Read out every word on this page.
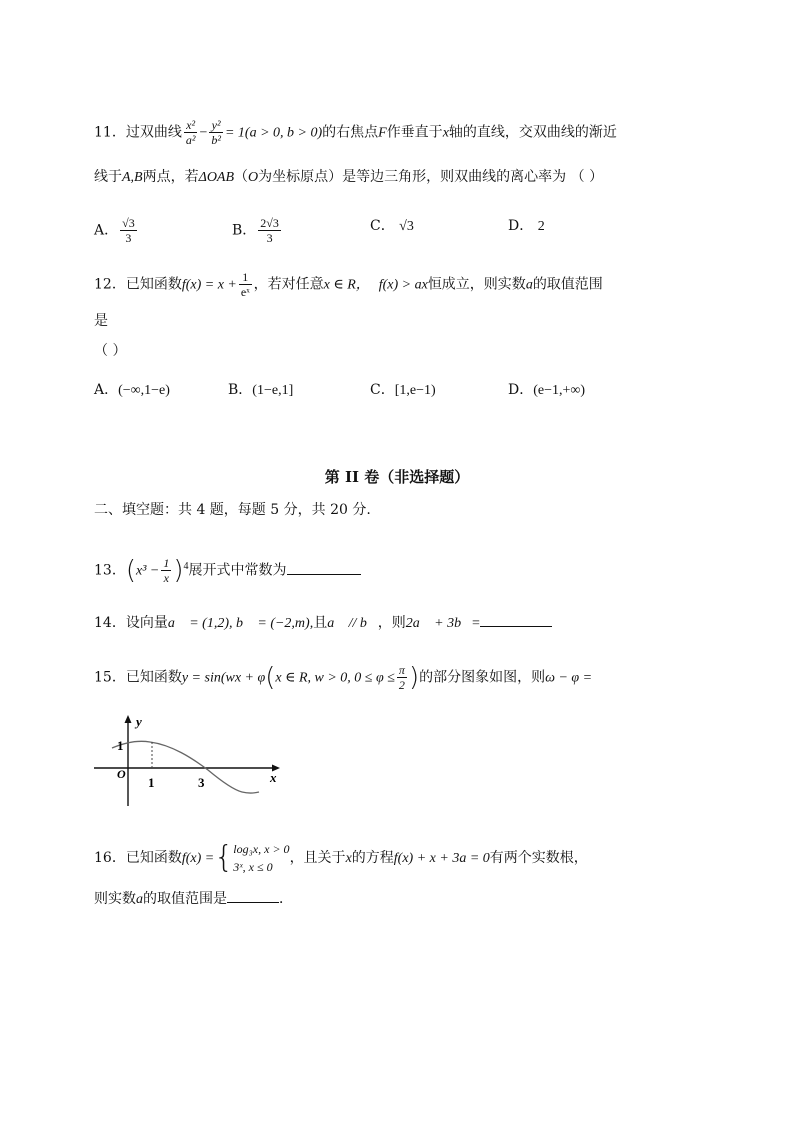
11．过双曲线 $\frac{\text{x²}}{\text{a²}} - \frac{\text{y²}}{\text{b²}} = 1(a > 0$, b > 0)的右焦点F作垂直于x轴的直线，交双曲线的渐近
线于A,B两点，若ΔOAB（O为坐标原点）是等边三角形，则双曲线的离心率为 （ ）
A． $\frac{√3}{3}$	B． $\frac{2√3}{3}$	C． √3	D． 2
12．已知函数$f(x) = x + \frac{1}{\text{eˣ}}$ ，若对任意x ∈ R， f(x) > ax恒成立，则实数a的取值范围
是
（ ）
A．(−∞,1−e)	B．(1−e,1]	C．[1,e−1)	D．(e−1,+∞)
第 II 卷（非选择题）
二、填空题：共 4 题，每题 5 分，共 20 分.
13．$(x^3 - \frac{1}{x} )^4$展开式中常数为
14．设向量a⃗ = (1,2), b⃗ = (−2,m),且a⃗ // b⃗，则2a⃗ + 3b⃗=
15．已知函数y = sin(wx + φ(x ∈ R, w > 0, $0 \le \varphi \le \frac{\pi}{2}$ )的部分图象如图，则ω − φ =
y
1
O
1	3	x
16．已知函数f(x) ={ log₃x, x > 0
3ˣ, x ≤ 0
，且关于x的方程f(x) + x + 3a = 0有两个实数根，
则实数a的取值范围是	．
